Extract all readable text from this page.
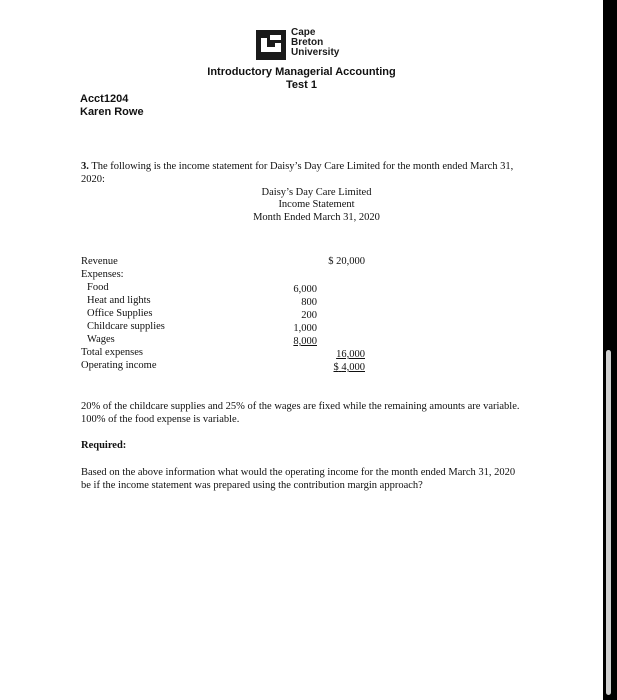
Cape
Breton
University
Introductory Managerial Accounting
Test 1
Acct1204
Karen Rowe
3. The following is the income statement for Daisy’s Day Care Limited for the month ended March 31, 2020:
Daisy’s Day Care Limited
Income Statement
Month Ended March 31, 2020
Revenue	$ 20,000
Expenses:
Food	6,000
Heat and lights	800
Office Supplies	200
Childcare supplies	1,000
Wages	8,000
Total expenses	16,000
Operating income	$ 4,000
20% of the childcare supplies and 25% of the wages are fixed while the remaining amounts are variable. 100% of the food expense is variable.
Required:
Based on the above information what would the operating income for the month ended March 31, 2020 be if the income statement was prepared using the contribution margin approach?
